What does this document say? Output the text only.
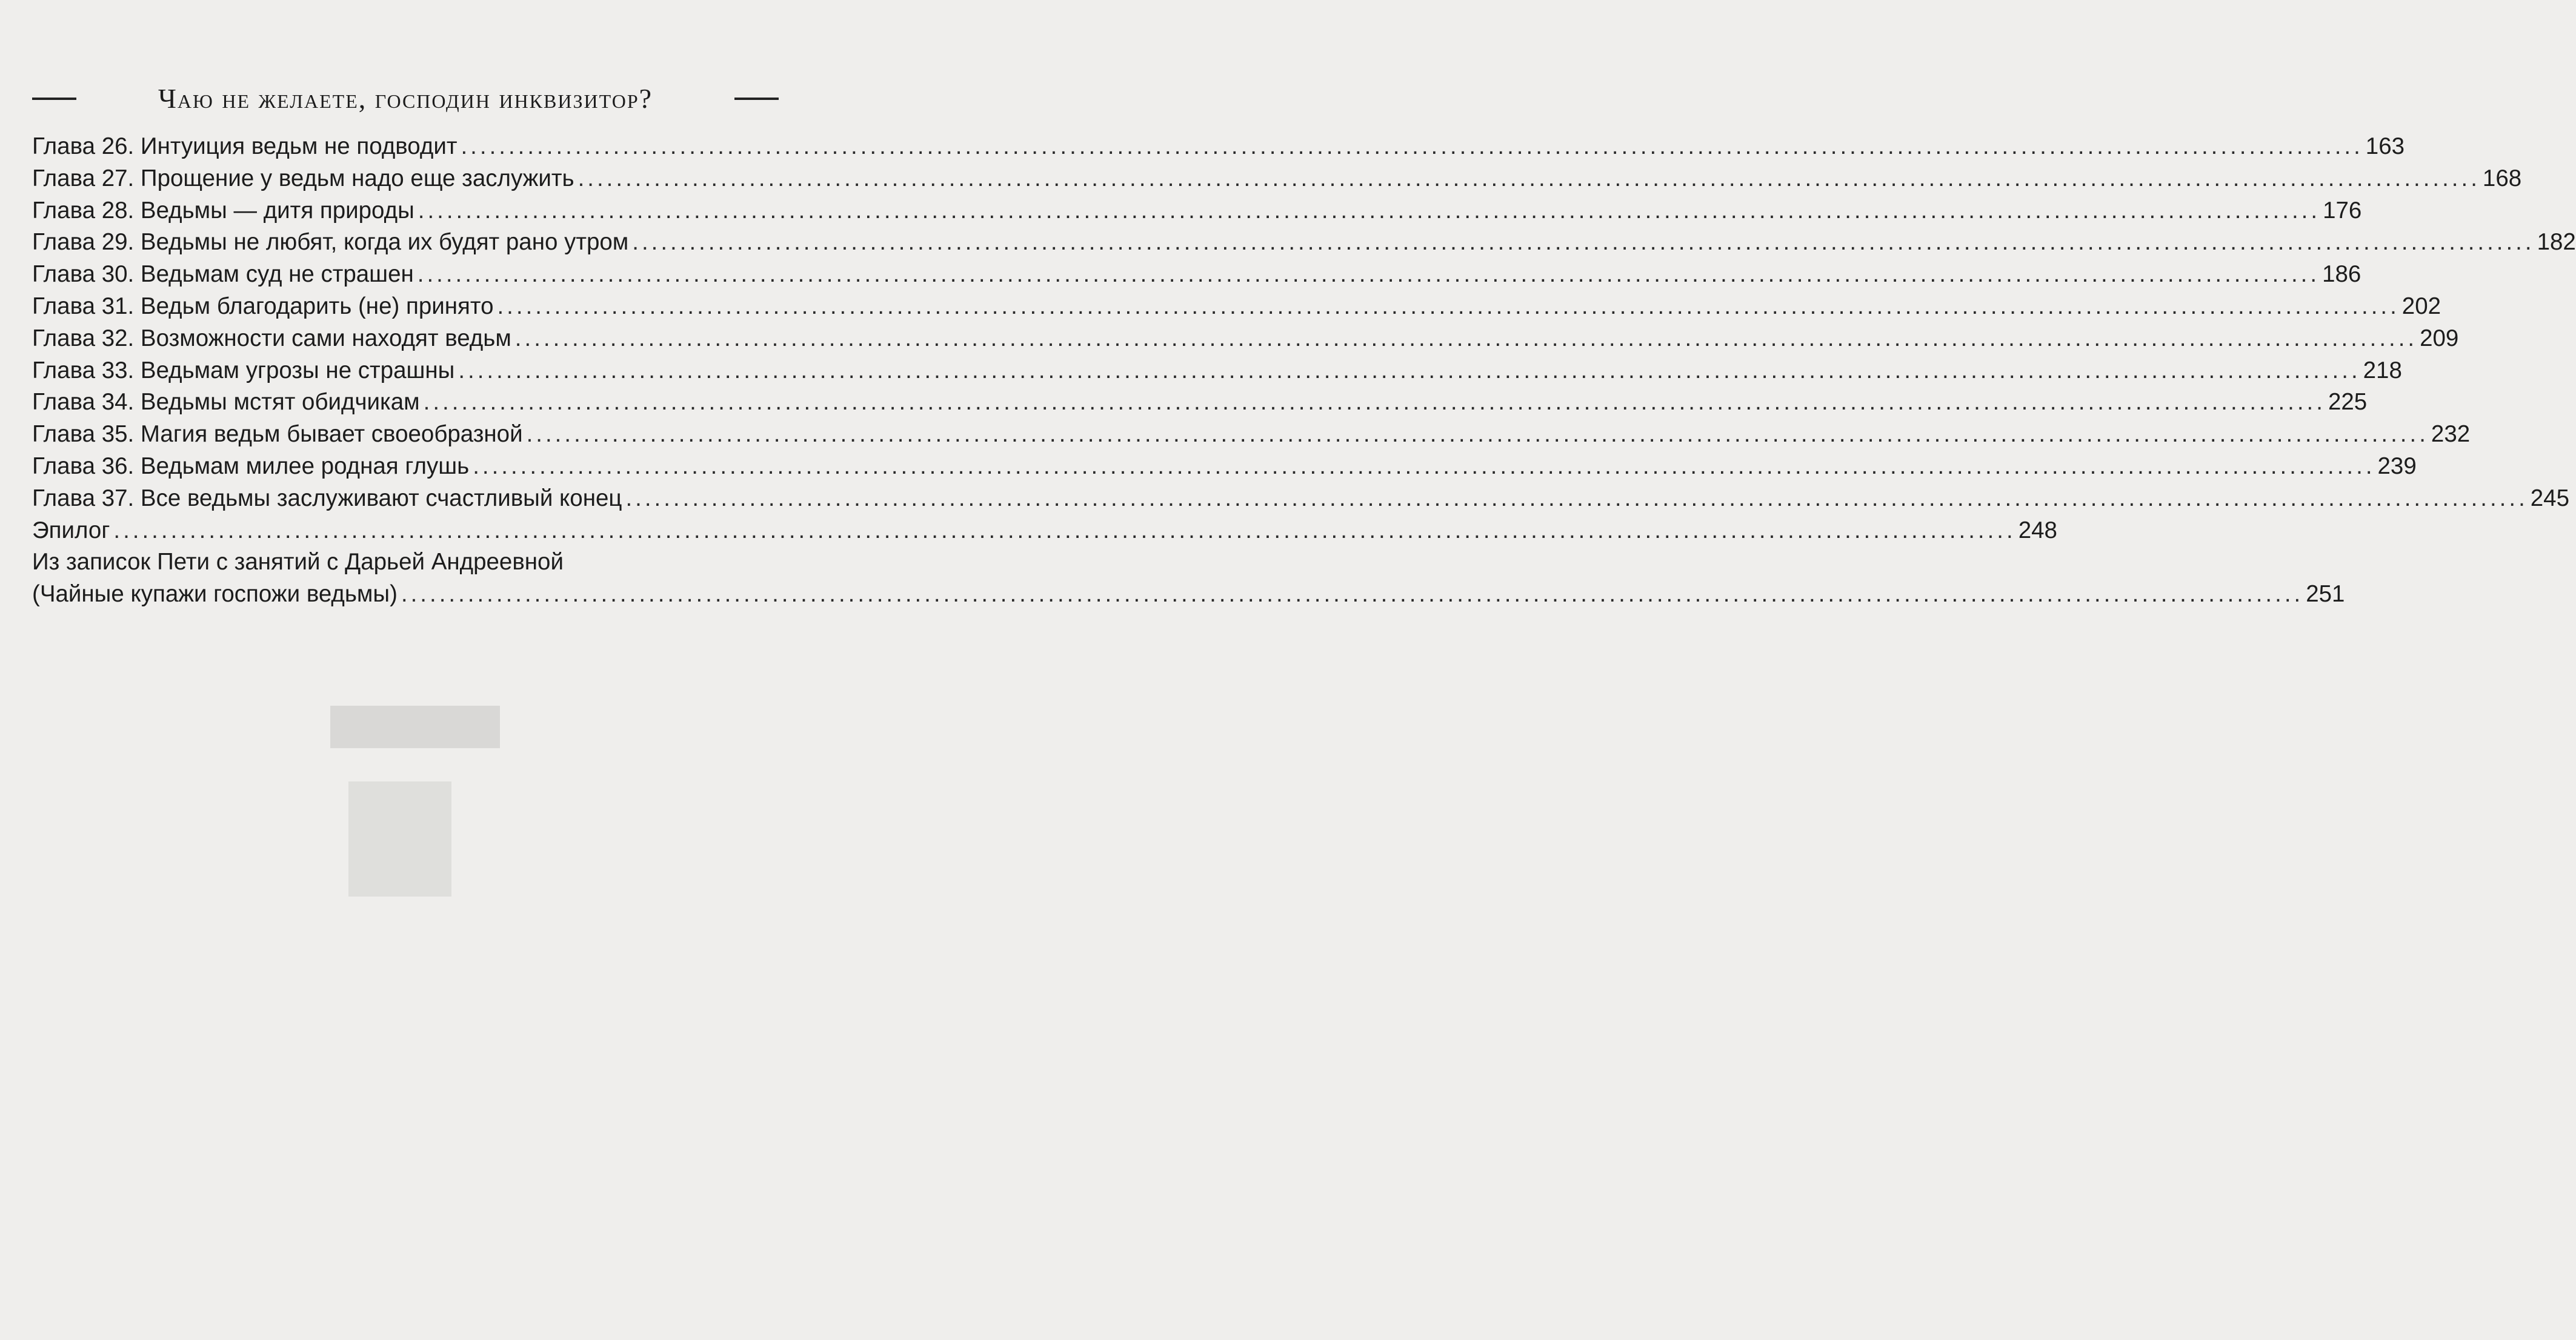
Чаю не желаете, господин инквизитор?
Глава 26. Интуиция ведьм не подводит ........................................................................................................................................................................................................ 163
Глава 27. Прощение у ведьм надо еще заслужить ........................................................................................................................................................................................................ 168
Глава 28. Ведьмы — дитя природы ........................................................................................................................................................................................................ 176
Глава 29. Ведьмы не любят, когда их будят рано утром ........................................................................................................................................................................................................ 182
Глава 30. Ведьмам суд не страшен ........................................................................................................................................................................................................ 186
Глава 31. Ведьм благодарить (не) принято ........................................................................................................................................................................................................ 202
Глава 32. Возможности сами находят ведьм ........................................................................................................................................................................................................ 209
Глава 33. Ведьмам угрозы не страшны ........................................................................................................................................................................................................ 218
Глава 34. Ведьмы мстят обидчикам ........................................................................................................................................................................................................ 225
Глава 35. Магия ведьм бывает своеобразной ........................................................................................................................................................................................................ 232
Глава 36. Ведьмам милее родная глушь ........................................................................................................................................................................................................ 239
Глава 37. Все ведьмы заслуживают счастливый конец ........................................................................................................................................................................................................ 245
Эпилог ........................................................................................................................................................................................................ 248
Из записок Пети с занятий с Дарьей Андреевной
(Чайные купажи госпожи ведьмы) ........................................................................................................................................................................................................ 251
